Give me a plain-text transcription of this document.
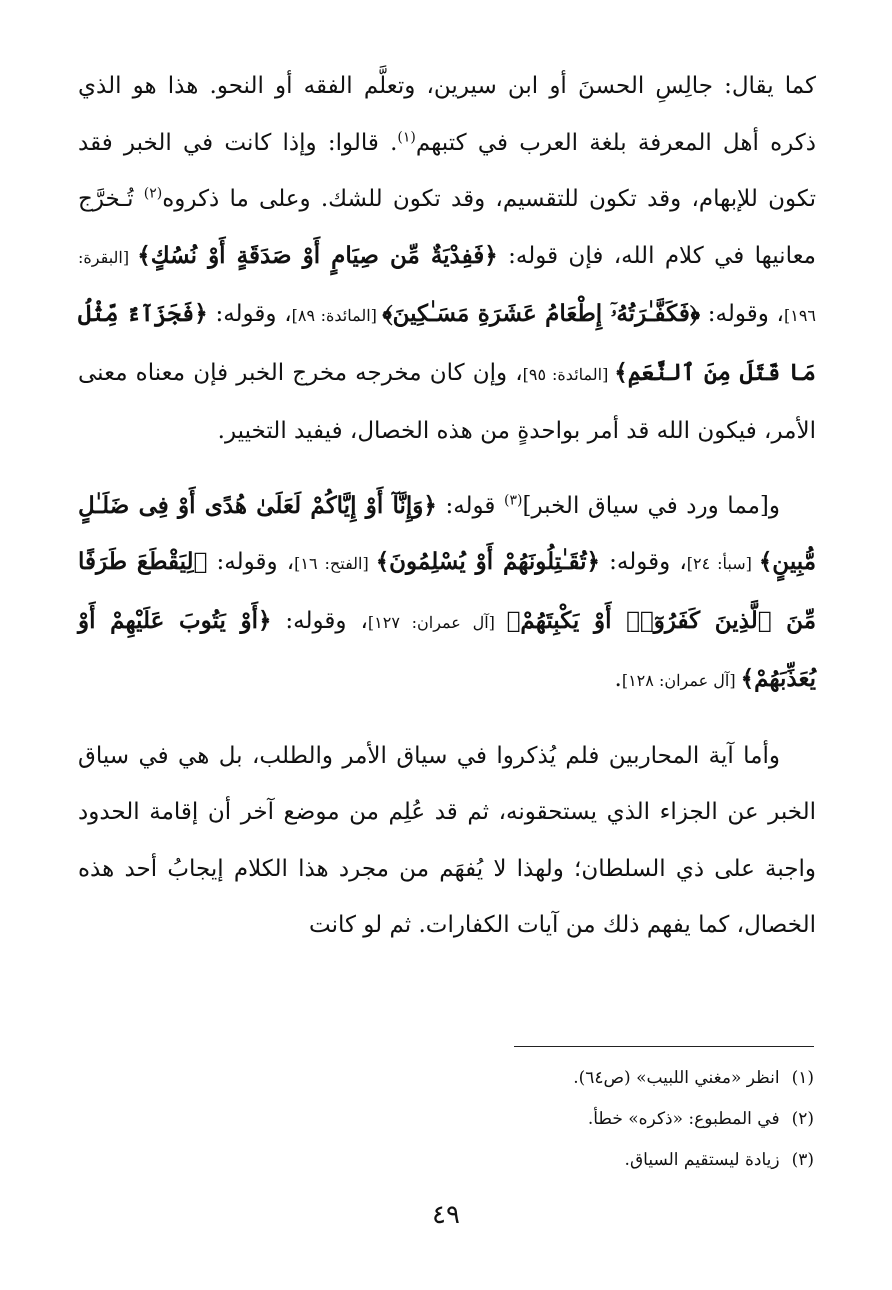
كما يقال: جالِسِ الحسنَ أو ابن سيرين، وتعلَّم الفقه أو النحو. هذا هو الذي ذكره أهل المعرفة بلغة العرب في كتبهم$^{(١)}$. قالوا: وإذا كانت في الخبر فقد تكون للإبهام، وقد تكون للتقسيم، وقد تكون للشك. وعلى ما ذكروه$^{(٢)}$ تُـخرَّج معانيها في كلام الله، فإن قوله: ﴿فَفِدْيَةٌ مِّن صِيَامٍ أَوْ صَدَقَةٍ أَوْ نُسُكٍ﴾ [البقرة: ١٩٦]، وقوله: ﴿فَكَفَّـٰرَتُهُۥٓ إِطْعَامُ عَشَرَةِ مَسَـٰكِينَ﴾ [المائدة: ٨٩]، وقوله: ﴿فَجَزَآءٌ مِّثْلُ مَا قَتَلَ مِنَ ٱلنَّعَمِ﴾ [المائدة: ٩٥]، وإن كان مخرجه مخرج الخبر فإن معناه معنى الأمر، فيكون الله قد أمر بواحدةٍ من هذه الخصال، فيفيد التخيير.

و[مما ورد في سياق الخبر]$^{(٣)}$ قوله: ﴿وَإِنَّآ أَوْ إِيَّاكُمْ لَعَلَىٰ هُدًى أَوْ فِى ضَلَـٰلٍ مُّبِينٍ﴾ [سبأ: ٢٤]، وقوله: ﴿تُقَـٰتِلُونَهُمْ أَوْ يُسْلِمُونَ﴾ [الفتح: ١٦]، وقوله: ﴿لِيَقْطَعَ طَرَفًا مِّنَ ٱلَّذِينَ كَفَرُوٓا۟ أَوْ يَكْبِتَهُمْ﴾ [آل عمران: ١٢٧]، وقوله: ﴿أَوْ يَتُوبَ عَلَيْهِمْ أَوْ يُعَذِّبَهُمْ﴾ [آل عمران: ١٢٨].

وأما آية المحاربين فلم يُذكروا في سياق الأمر والطلب، بل هي في سياق الخبر عن الجزاء الذي يستحقونه، ثم قد عُلِم من موضع آخر أن إقامة الحدود واجبة على ذي السلطان؛ ولهذا لا يُفهَم من مجرد هذا الكلام إيجابُ أحد هذه الخصال، كما يفهم ذلك من آيات الكفارات. ثم لو كانت

(١)انظر «مغني اللبيب» (ص٦٤).
(٢)في المطبوع: «ذكره» خطأ.
(٣)زيادة ليستقيم السياق.
٤٩
